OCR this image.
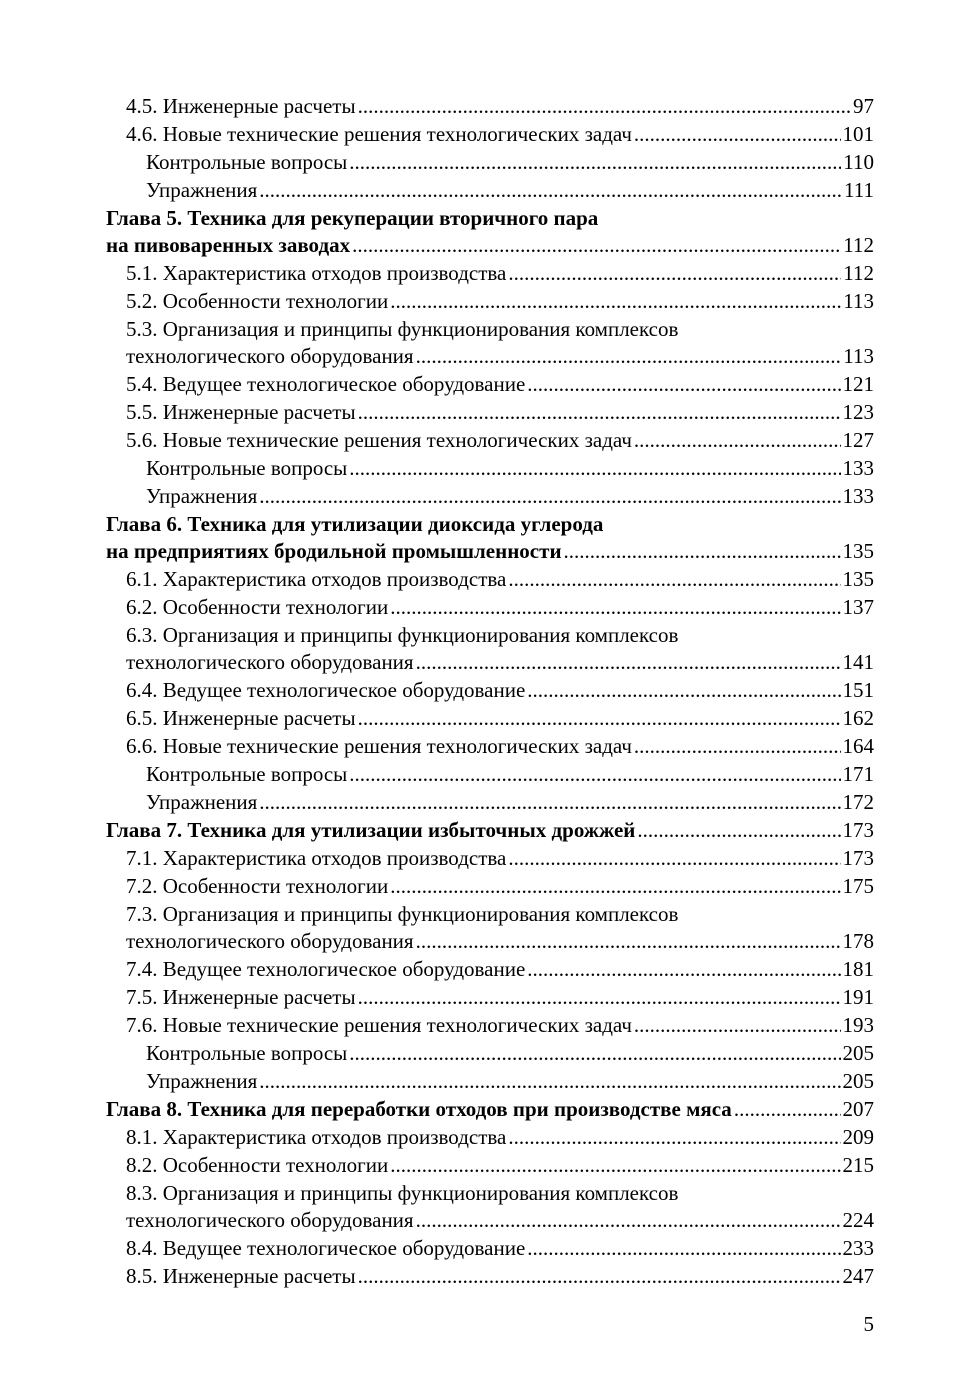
4.5. Инженерные расчеты .....	97
4.6. Новые технические решения технологических задач .....	101
Контрольные вопросы .....	110
Упражнения .....	111
Глава 5. Техника для рекуперации вторичного пара
на пивоваренных заводах .....	112
5.1. Характеристика отходов производства .....	112
5.2. Особенности технологии .....	113
5.3. Организация и принципы функционирования комплексов
технологического оборудования .....	113
5.4. Ведущее технологическое оборудование .....	121
5.5. Инженерные расчеты .....	123
5.6. Новые технические решения технологических задач .....	127
Контрольные вопросы .....	133
Упражнения .....	133
Глава 6. Техника для утилизации диоксида углерода
на предприятиях бродильной промышленности .....	135
6.1. Характеристика отходов производства .....	135
6.2. Особенности технологии .....	137
6.3. Организация и принципы функционирования комплексов
технологического оборудования .....	141
6.4. Ведущее технологическое оборудование .....	151
6.5. Инженерные расчеты .....	162
6.6. Новые технические решения технологических задач .....	164
Контрольные вопросы .....	171
Упражнения .....	172
Глава 7. Техника для утилизации избыточных дрожжей .....	173
7.1. Характеристика отходов производства .....	173
7.2. Особенности технологии .....	175
7.3. Организация и принципы функционирования комплексов
технологического оборудования .....	178
7.4. Ведущее технологическое оборудование .....	181
7.5. Инженерные расчеты .....	191
7.6. Новые технические решения технологических задач .....	193
Контрольные вопросы .....	205
Упражнения .....	205
Глава 8. Техника для переработки отходов при производстве мяса .....	207
8.1. Характеристика отходов производства .....	209
8.2. Особенности технологии .....	215
8.3. Организация и принципы функционирования комплексов
технологического оборудования .....	224
8.4. Ведущее технологическое оборудование .....	233
8.5. Инженерные расчеты .....	247
5
